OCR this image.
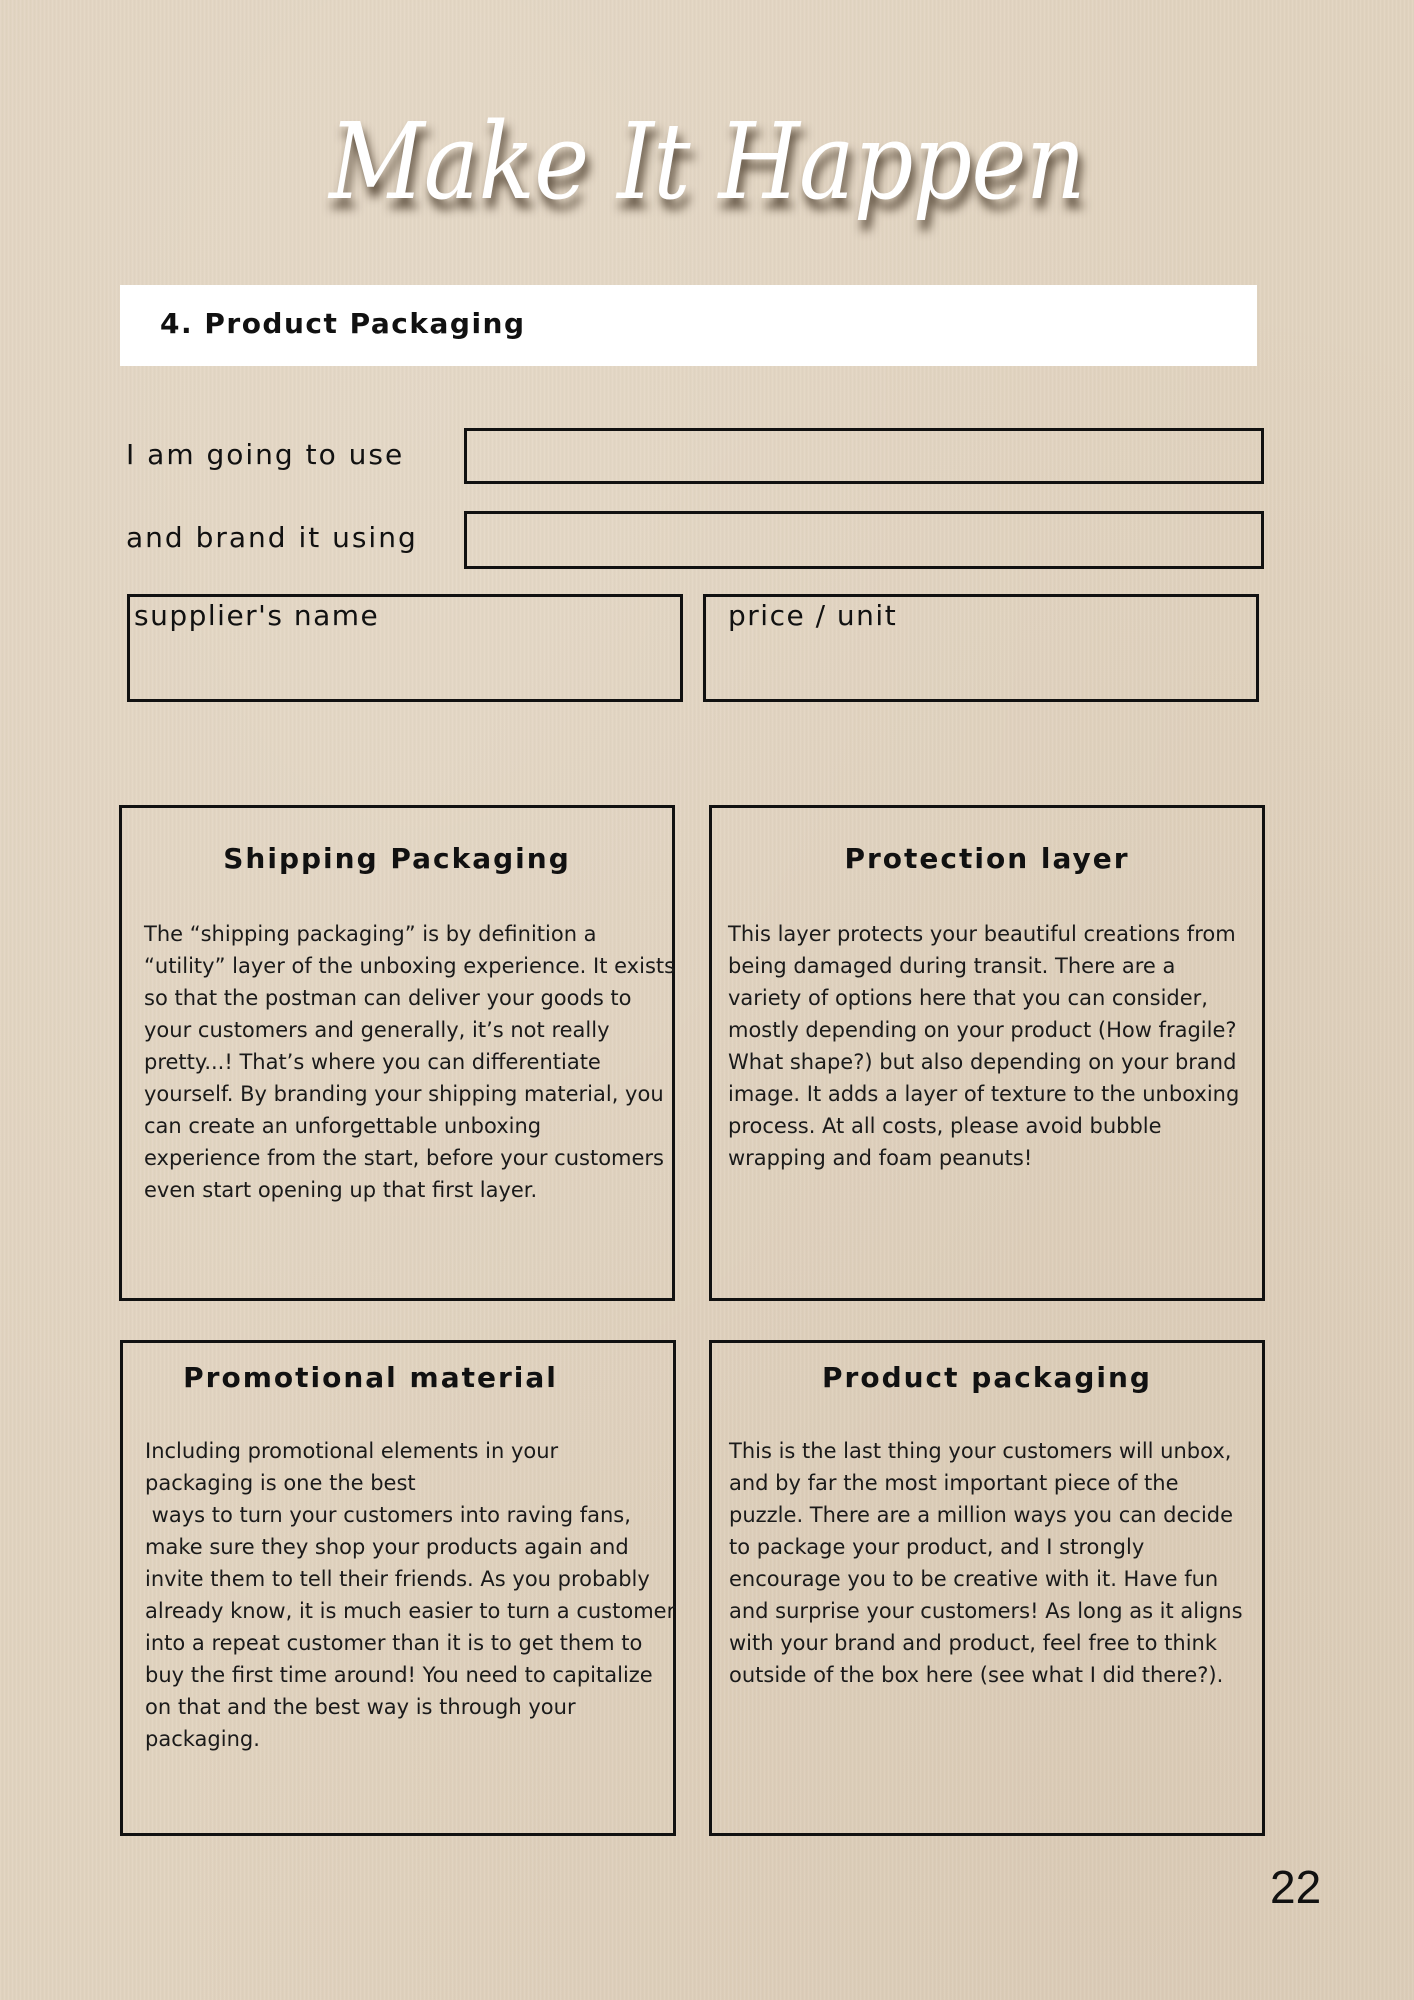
Make It Happen
4. Product Packaging
I am going to use
and brand it using
supplier's name	price / unit
Shipping Packaging
The “shipping packaging” is by definition a
“utility” layer of the unboxing experience. It exists
so that the postman can deliver your goods to
your customers and generally, it’s not really
pretty...! That’s where you can differentiate
yourself. By branding your shipping material, you
can create an unforgettable unboxing
experience from the start, before your customers
even start opening up that first layer.
Protection layer
This layer protects your beautiful creations from
being damaged during transit. There are a
variety of options here that you can consider,
mostly depending on your product (How fragile?
What shape?) but also depending on your brand
image. It adds a layer of texture to the unboxing
process. At all costs, please avoid bubble
wrapping and foam peanuts!
Promotional material
Including promotional elements in your
packaging is one the best
ways to turn your customers into raving fans,
make sure they shop your products again and
invite them to tell their friends. As you probably
already know, it is much easier to turn a customer
into a repeat customer than it is to get them to
buy the first time around! You need to capitalize
on that and the best way is through your
packaging.
Product packaging
This is the last thing your customers will unbox,
and by far the most important piece of the
puzzle. There are a million ways you can decide
to package your product, and I strongly
encourage you to be creative with it. Have fun
and surprise your customers! As long as it aligns
with your brand and product, feel free to think
outside of the box here (see what I did there?).
22
